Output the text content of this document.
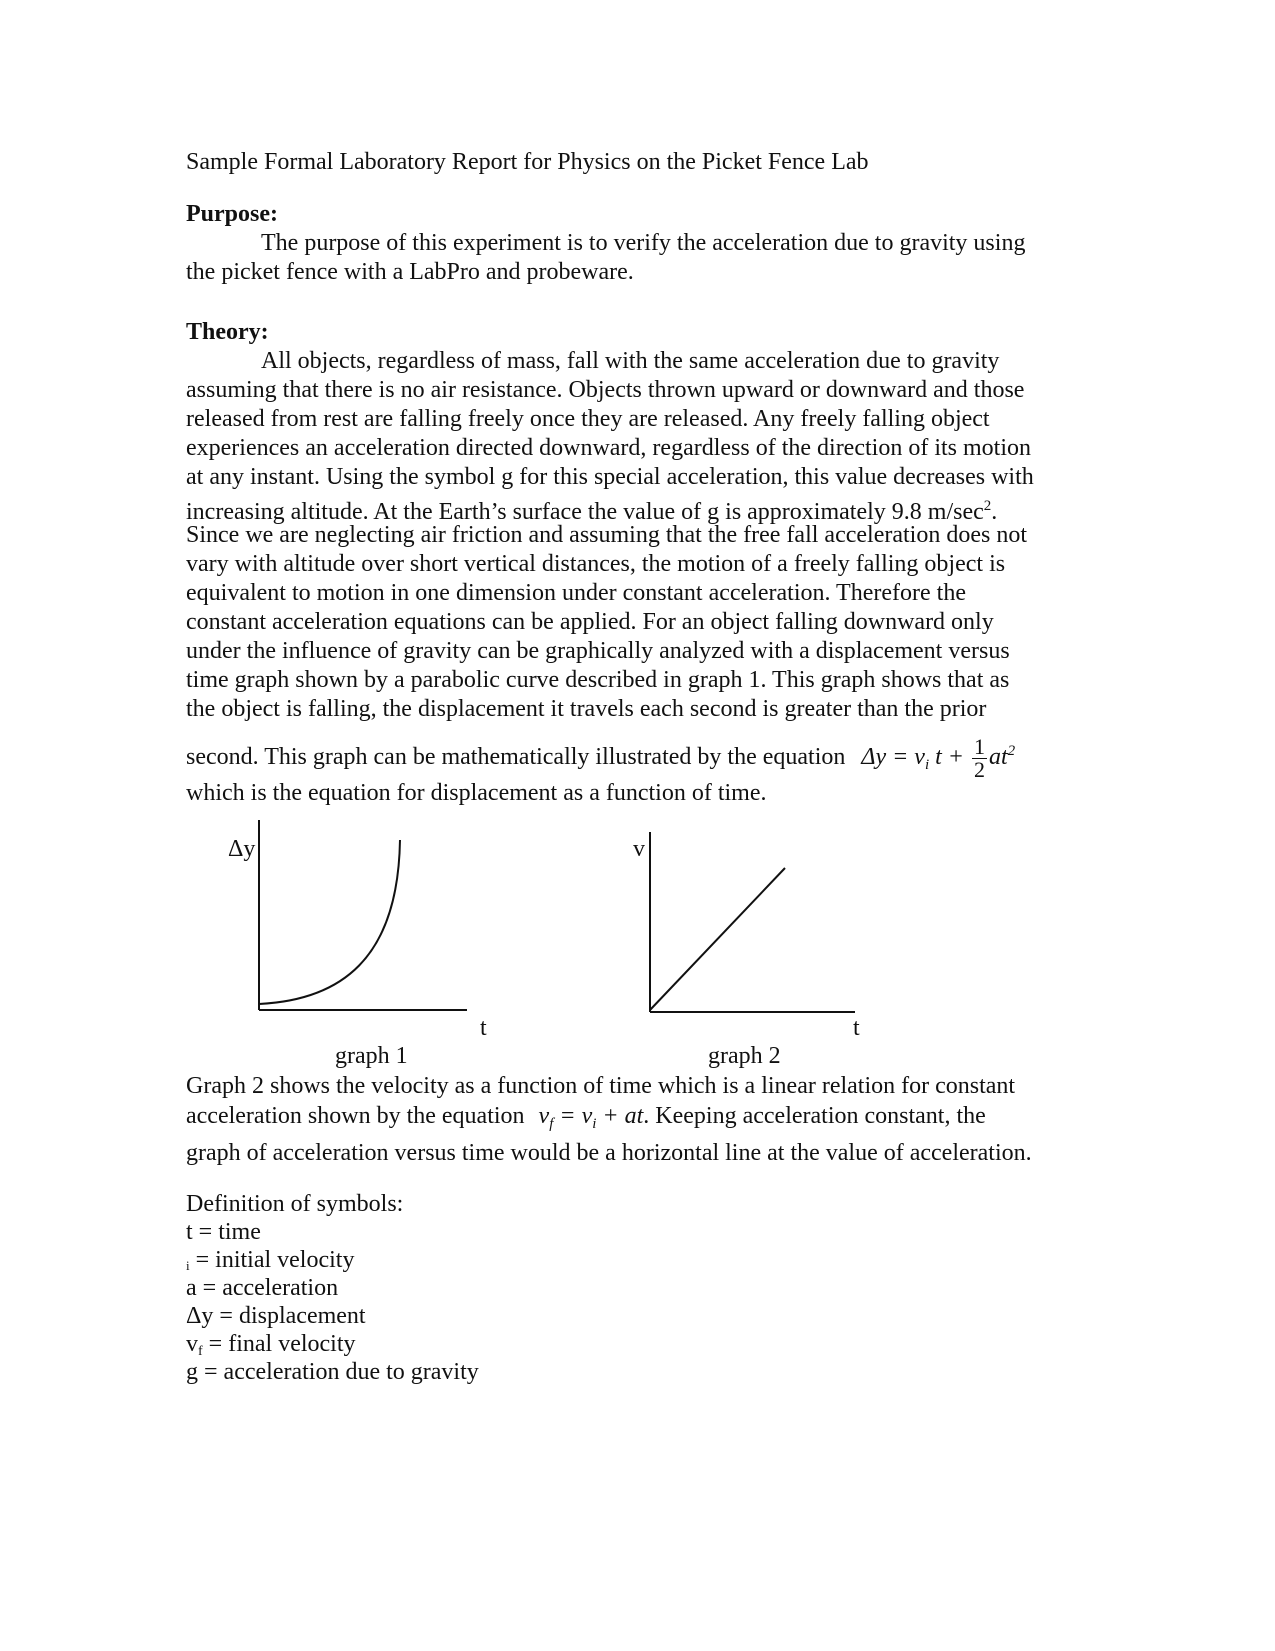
Sample Formal Laboratory Report for Physics on the Picket Fence Lab
Purpose:
The purpose of this experiment is to verify the acceleration due to gravity using
the picket fence with a LabPro and probeware.
Theory:
All objects, regardless of mass, fall with the same acceleration due to gravity
assuming that there is no air resistance. Objects thrown upward or downward and those
released from rest are falling freely once they are released. Any freely falling object
experiences an acceleration directed downward, regardless of the direction of its motion
at any instant. Using the symbol g for this special acceleration, this value decreases with
increasing altitude. At the Earth’s surface the value of g is approximately 9.8 $m/\sec^2$.
Since we are neglecting air friction and assuming that the free fall acceleration does not
vary with altitude over short vertical distances, the motion of a freely falling object is
equivalent to motion in one dimension under constant acceleration. Therefore the
constant acceleration equations can be applied. For an object falling downward only
under the influence of gravity can be graphically analyzed with a displacement versus
time graph shown by a parabolic curve described in graph 1. This graph shows that as
the object is falling, the displacement it travels each second is greater than the prior
second. This graph can be mathematically illustrated by the equation $\Delta y = v_i$ $t + \frac{1}{2} at^2$
which is the equation for displacement as a function of time.
Δy
t
v
t
graph 1	graph 2
Graph 2 shows the velocity as a function of time which is a linear relation for constant
acceleration shown by the equation $v_f = v_i$ + at. Keeping acceleration constant, the
graph of acceleration versus time would be a horizontal line at the value of acceleration.
Definition of symbols:
t = time
i = initial velocity
a = acceleration
Δy = displacement
vf = final velocity
g = acceleration due to gravity
